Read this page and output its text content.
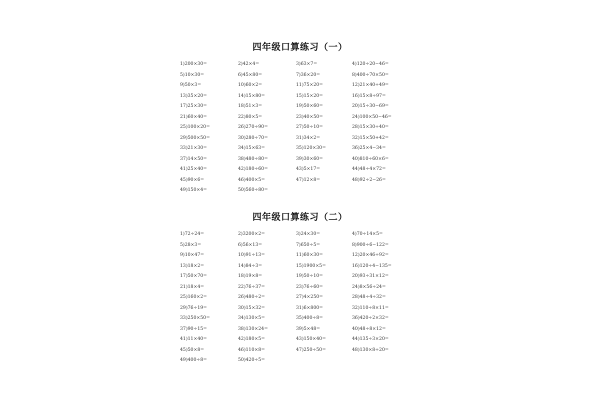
四年级口算练习（一）
1)200×30=	2)42×4=	3)63×7=	4)120÷20−46=
5)10×30=	6)45×80=	7)36×20=	8)400÷70×50=
9)50×3=	10)60×2=	11)75×20=	12)21×40÷49=
13)35×20=	14)15×80=	15)15×20=	16)15×8÷97=
17)25×30=	18)51×3=	19)50×60=	20)15÷30−69=
21)60×40=	22)80×5=	23)40×50=	24)100×50−46=
25)100×20=	26)270÷90=	27)50÷10=	28)15×30÷40=
29)500×50=	30)280÷70=	31)34×2=	32)15×50+42=
33)21×30=	34)15×63=	35)120×30=	36)25×4−34=
37)14×50=	38)480÷80=	39)30×60=	40)810÷60×6=
41)25×40=	42)180÷60=	43)5×17=	44)48÷4×72=
45)90×6=	46)400×5=	47)12×8=	48)92÷2−26=
49)150×4=	50)560÷80=
四年级口算练习（二）
1)72÷24=	2)3200×2=	3)24×30=	4)70÷14×5=
5)28×3=	6)56×13=	7)650÷5=	8)900÷6−122=
9)10×47=	10)91÷13=	11)60×30=	12)20×46÷92=
13)18×2=	14)84÷3=	15)1900×5=	16)120÷4−135=
17)50×70=	18)19×8=	19)50÷10=	20)93÷31×12=
21)18×4=	22)76÷37=	23)76÷60=	24)8×56÷24=
25)160×2=	26)480÷2=	27)4×250=	28)48÷4÷32=
29)76÷19=	30)15×32=	31)6×800=	32)110÷8×11=
33)250×50=	34)130×5=	35)400÷8=	36)420÷2×32=
37)90÷15=	38)130×24=	39)5×48=	40)48÷8×12=
41)11×40=	42)180×5=	43)150×40=	44)135÷3×20=
45)50×8=	46)110×8=	47)250÷50=	48)130×8÷20=
49)400÷8=	50)420÷5=
